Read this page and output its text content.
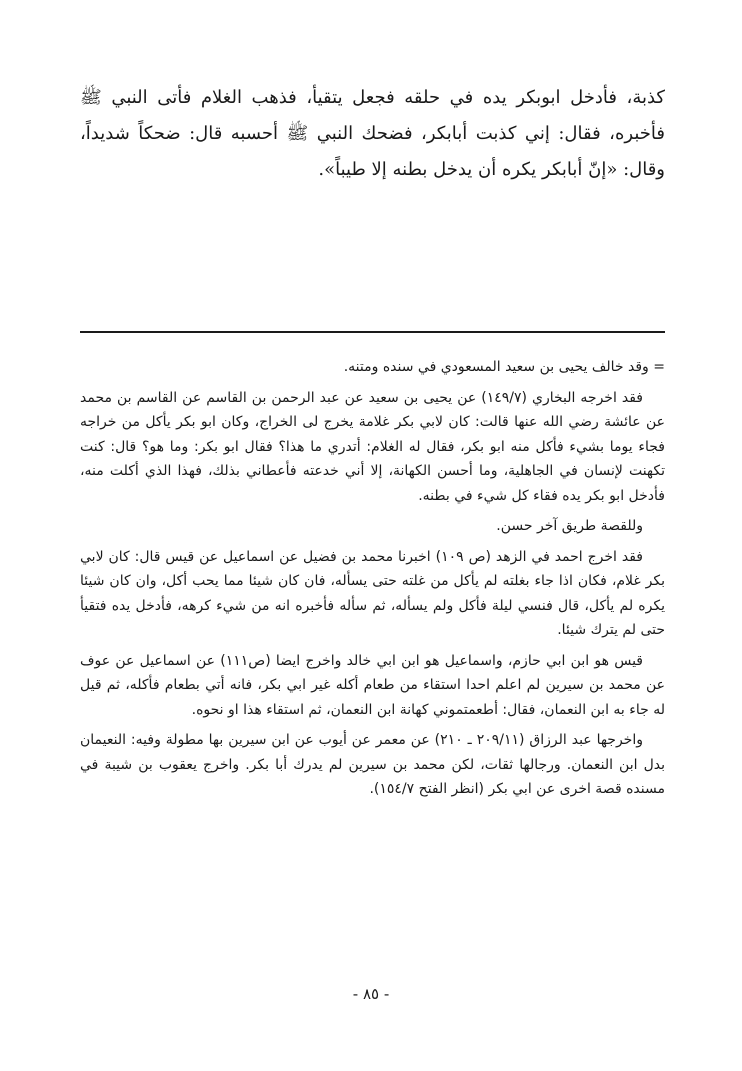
كذبة، فأدخل ابوبكر يده في حلقه فجعل يتقيأ، فذهب الغلام فأتى النبي ﷺ فأخبره، فقال: إني كذبت أبابكر، فضحك النبي ﷺ أحسبه قال: ضحكاً شديداً، وقال: «إنّ أبابكر يكره أن يدخل بطنه إلا طيباً».

= وقد خالف يحيى بن سعيد المسعودي في سنده ومتنه.

فقد اخرجه البخاري (١٤٩/٧) عن يحيى بن سعيد عن عبد الرحمن بن القاسم عن القاسم بن محمد عن عائشة رضي الله عنها قالت: كان لابي بكر غلامة يخرج لى الخراج، وكان ابو بكر يأكل من خراجه فجاء يوما بشيء فأكل منه ابو بكر، فقال له الغلام: أتدري ما هذا؟ فقال ابو بكر: وما هو؟ قال: كنت تكهنت لإنسان في الجاهلية، وما أحسن الكهانة، إلا أني خدعته فأعطاني بذلك، فهذا الذي أكلت منه، فأدخل ابو بكر يده فقاء كل شيء في بطنه.

وللقصة طريق آخر حسن.

فقد اخرج احمد في الزهد (ص ١٠٩) اخبرنا محمد بن فضيل عن اسماعيل عن قيس قال: كان لابي بكر غلام، فكان اذا جاء بغلته لم يأكل من غلته حتى يسأله، فان كان شيئا مما يحب أكل، وان كان شيئا يكره لم يأكل، قال فنسي ليلة فأكل ولم يسأله، ثم سأله فأخبره انه من شيء كرهه، فأدخل يده فتقيأ حتى لم يترك شيئا.

قيس هو ابن ابي حازم، واسماعيل هو ابن ابي خالد واخرج ايضا (ص١١١) عن اسماعيل عن عوف عن محمد بن سيرين لم اعلم احدا استقاء من طعام أكله غير ابي بكر، فانه أتي بطعام فأكله، ثم قيل له جاء به ابن النعمان، فقال: أطعمتموني كهانة ابن النعمان، ثم استقاء هذا او نحوه.

واخرجها عبد الرزاق (٢٠٩/١١ ـ ٢١٠) عن معمر عن أيوب عن ابن سيرين بها مطولة وفيه: النعيمان بدل ابن النعمان. ورجالها ثقات، لكن محمد بن سيرين لم يدرك أبا بكر. واخرج يعقوب بن شيبة في مسنده قصة اخرى عن ابي بكر (انظر الفتح ١٥٤/٧).

- ٨٥ -
